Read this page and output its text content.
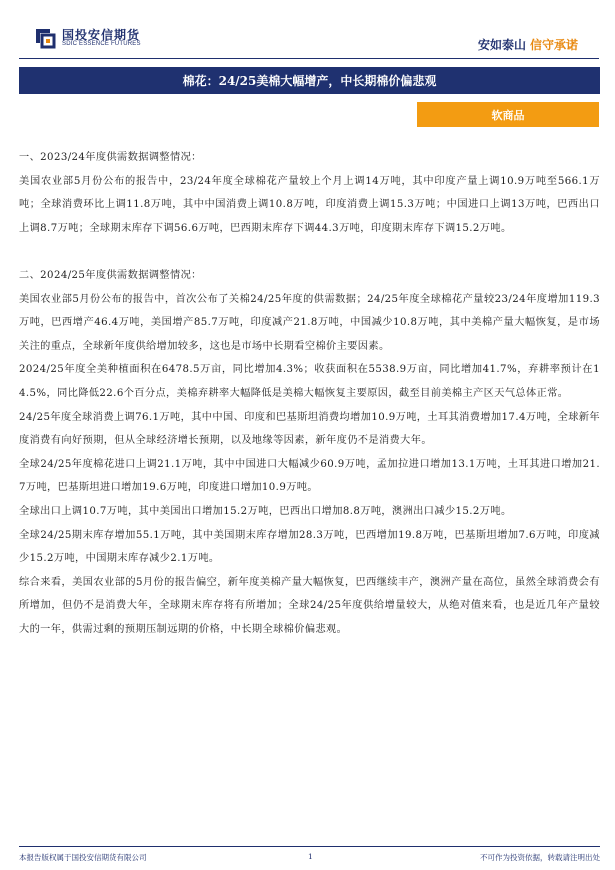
国投安信期货
SDIC ESSENCE FUTURES	安如泰山 信守承诺
棉花：24/25美棉大幅增产，中长期棉价偏悲观
软商品

一、2023/24年度供需数据调整情况：

美国农业部5月份公布的报告中，23/24年度全球棉花产量较上个月上调14万吨，其中印度产量上调10.9万吨至566.1万吨；全球消费环比上调11.8万吨，其中中国消费上调10.8万吨，印度消费上调15.3万吨；中国进口上调13万吨，巴西出口上调8.7万吨；全球期末库存下调56.6万吨，巴西期末库存下调44.3万吨，印度期末库存下调15.2万吨。

二、2024/25年度供需数据调整情况：

美国农业部5月份公布的报告中，首次公布了关棉24/25年度的供需数据；24/25年度全球棉花产量较23/24年度增加119.3万吨，巴西增产46.4万吨，美国增产85.7万吨，印度减产21.8万吨，中国减少10.8万吨，其中美棉产量大幅恢复，是市场关注的重点，全球新年度供给增加较多，这也是市场中长期看空棉价主要因素。

2024/25年度全美种植面积在6478.5万亩，同比增加4.3%；收获面积在5538.9万亩，同比增加41.7%，弃耕率预计在14.5%，同比降低22.6个百分点，美棉弃耕率大幅降低是美棉大幅恢复主要原因，截至目前美棉主产区天气总体正常。

24/25年度全球消费上调76.1万吨，其中中国、印度和巴基斯坦消费均增加10.9万吨，土耳其消费增加17.4万吨，全球新年度消费有向好预期，但从全球经济增长预期，以及地缘等因素，新年度仍不是消费大年。

全球24/25年度棉花进口上调21.1万吨，其中中国进口大幅减少60.9万吨，孟加拉进口增加13.1万吨，土耳其进口增加21.7万吨，巴基斯坦进口增加19.6万吨，印度进口增加10.9万吨。

全球出口上调10.7万吨，其中美国出口增加15.2万吨，巴西出口增加8.8万吨，澳洲出口减少15.2万吨。

全球24/25期末库存增加55.1万吨，其中美国期末库存增加28.3万吨，巴西增加19.8万吨，巴基斯坦增加7.6万吨，印度减少15.2万吨，中国期末库存减少2.1万吨。

综合来看，美国农业部的5月份的报告偏空，新年度美棉产量大幅恢复，巴西继续丰产，澳洲产量在高位，虽然全球消费会有所增加，但仍不是消费大年，全球期末库存将有所增加；全球24/25年度供给增量较大，从绝对值来看，也是近几年产量较大的一年，供需过剩的预期压制远期的价格，中长期全球棉价偏悲观。

本报告版权属于国投安信期货有限公司	1	不可作为投资依据，转载请注明出处
